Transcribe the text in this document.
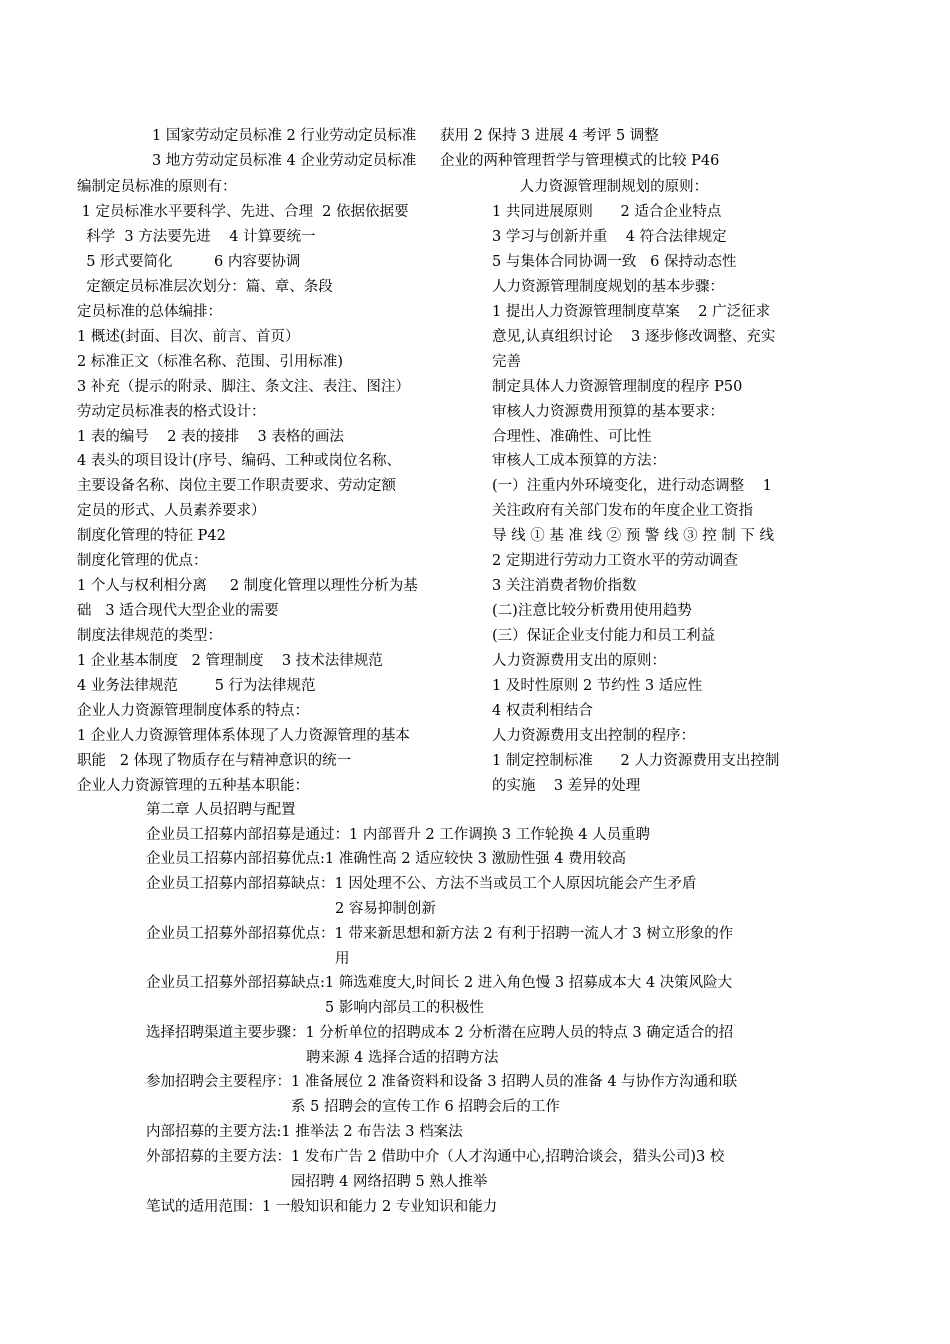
1 国家劳动定员标准 2 行业劳动定员标准 获用 2 保持 3 进展 4 考评 5 调整
3 地方劳动定员标准 4 企业劳动定员标准 企业的两种管理哲学与管理模式的比较 P46
编制定员标准的原则有：
1 定员标准水平要科学、先进、合理  2 依据依据要
科学  3 方法要先进    4 计算要统一
5 形式要简化         6 内容要协调
定额定员标准层次划分：篇、章、条段
定员标准的总体编排：
1 概述(封面、目次、前言、首页）
2 标准正文（标准名称、范围、引用标准)
3 补充（提示的附录、脚注、条文注、表注、图注）
劳动定员标准表的格式设计：
1 表的编号    2 表的接排    3 表格的画法
4 表头的项目设计(序号、编码、工种或岗位名称、
主要设备名称、岗位主要工作职责要求、劳动定额
定员的形式、人员素养要求）
制度化管理的特征 P42
制度化管理的优点：
1 个人与权利相分离     2 制度化管理以理性分析为基
础   3 适合现代大型企业的需要
制度法律规范的类型：
1 企业基本制度   2 管理制度    3 技术法律规范
4 业务法律规范        5 行为法律规范
企业人力资源管理制度体系的特点：
1 企业人力资源管理体系体现了人力资源管理的基本
职能   2 体现了物质存在与精神意识的统一
企业人力资源管理的五种基本职能：
人力资源管理制规划的原则：
1 共同进展原则      2 适合企业特点
3 学习与创新并重    4 符合法律规定
5 与集体合同协调一致   6 保持动态性
人力资源管理制度规划的基本步骤：
1 提出人力资源管理制度草案    2 广泛征求
意见,认真组织讨论    3 逐步修改调整、充实
完善
制定具体人力资源管理制度的程序 P50
审核人力资源费用预算的基本要求：
合理性、准确性、可比性
审核人工成本预算的方法：
(一）注重内外环境变化，进行动态调整    1
关注政府有关部门发布的年度企业工资指
导 线 ① 基 准 线 ② 预 警 线 ③ 控 制 下 线
2 定期进行劳动力工资水平的劳动调查
3 关注消费者物价指数
(二)注意比较分析费用使用趋势
(三）保证企业支付能力和员工利益
人力资源费用支出的原则：
1 及时性原则 2 节约性 3 适应性
4 权责利相结合
人力资源费用支出控制的程序：
1 制定控制标准      2 人力资源费用支出控制
的实施    3 差异的处理
第二章 人员招聘与配置
企业员工招募内部招募是通过：1 内部晋升 2 工作调换 3 工作轮换 4 人员重聘
企业员工招募内部招募优点:1 准确性高 2 适应较快 3 激励性强 4 费用较高
企业员工招募内部招募缺点：1 因处理不公、方法不当或员工个人原因坑能会产生矛盾
2 容易抑制创新
企业员工招募外部招募优点：1 带来新思想和新方法 2 有利于招聘一流人才 3 树立形象的作
用
企业员工招募外部招募缺点:1 筛选难度大,时间长 2 进入角色慢 3 招募成本大 4 决策风险大
5 影响内部员工的积极性
选择招聘渠道主要步骤：1 分析单位的招聘成本 2 分析潜在应聘人员的特点 3 确定适合的招
聘来源 4 选择合适的招聘方法
参加招聘会主要程序：1 准备展位 2 准备资料和设备 3 招聘人员的准备 4 与协作方沟通和联
系 5 招聘会的宣传工作 6 招聘会后的工作
内部招募的主要方法:1 推举法 2 布告法 3 档案法
外部招募的主要方法：1 发布广告 2 借助中介（人才沟通中心,招聘洽谈会，猎头公司)3 校
园招聘 4 网络招聘 5 熟人推举
笔试的适用范围：1 一般知识和能力 2 专业知识和能力
